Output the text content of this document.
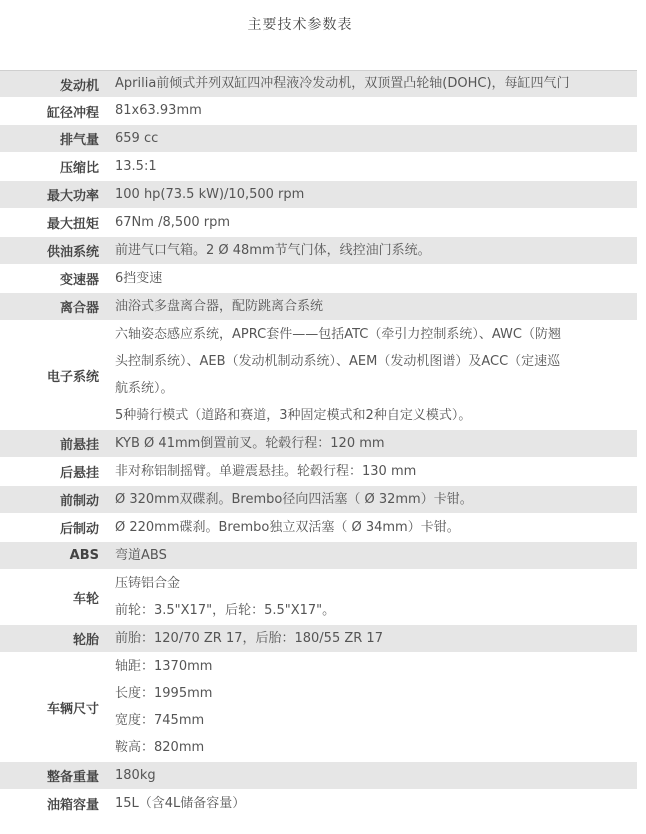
主要技术参数表
发动机	Aprilia前倾式并列双缸四冲程液冷发动机，双顶置凸轮轴(DOHC)，每缸四气门

缸径冲程	81x63.93mm

排气量	659 cc

压缩比	13.5:1

最大功率	100 hp(73.5 kW)/10,500 rpm

最大扭矩	67Nm /8,500 rpm

供油系统	前进气口气箱。2 Ø 48mm节气门体，线控油门系统。

变速器	6挡变速

离合器	油浴式多盘离合器，配防跳离合系统

电子系统	六轴姿态感应系统，APRC套件——包括ATC（牵引力控制系统）、AWC（防翘
头控制系统）、AEB（发动机制动系统）、AEM（发动机图谱）及ACC（定速巡
航系统）。
5种骑行模式（道路和赛道，3种固定模式和2种自定义模式）。

前悬挂	KYB Ø 41mm倒置前叉。轮毂行程：120 mm

后悬挂	非对称铝制摇臂。单避震悬挂。轮毂行程：130 mm

前制动	Ø 320mm双碟刹。Brembo径向四活塞（ Ø 32mm）卡钳。

后制动	Ø 220mm碟刹。Brembo独立双活塞（ Ø 34mm）卡钳。

ABS	弯道ABS

车轮	压铸铝合金
前轮：3.5"X17"，后轮：5.5"X17"。

轮胎	前胎：120/70 ZR 17，后胎：180/55 ZR 17

车辆尺寸	轴距：1370mm
长度：1995mm
宽度：745mm
鞍高：820mm

整备重量	180kg

油箱容量	15L（含4L储备容量）
